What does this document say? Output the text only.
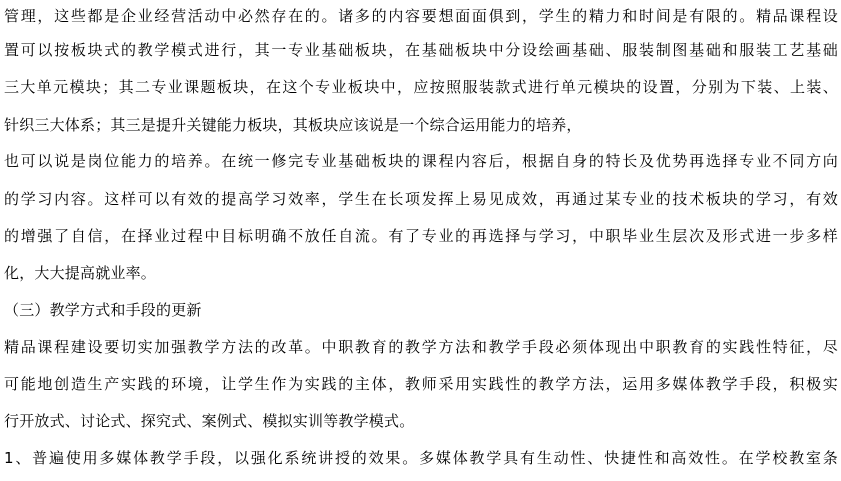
管理，这些都是企业经营活动中必然存在的。诸多的内容要想面面俱到，学生的精力和时间是有限的。精品课程设
置可以按板块式的教学模式进行，其一专业基础板块，在基础板块中分设绘画基础、服装制图基础和服装工艺基础
三大单元模块；其二专业课题板块，在这个专业板块中，应按照服装款式进行单元模块的设置，分别为下装、上装、
针织三大体系；其三是提升关键能力板块，其板块应该说是一个综合运用能力的培养，
也可以说是岗位能力的培养。在统一修完专业基础板块的课程内容后，根据自身的特长及优势再选择专业不同方向
的学习内容。这样可以有效的提高学习效率，学生在长项发挥上易见成效，再通过某专业的技术板块的学习，有效
的增强了自信，在择业过程中目标明确不放任自流。有了专业的再选择与学习，中职毕业生层次及形式进一步多样
化，大大提高就业率。
（三）教学方式和手段的更新
精品课程建设要切实加强教学方法的改革。中职教育的教学方法和教学手段必须体现出中职教育的实践性特征，尽
可能地创造生产实践的环境，让学生作为实践的主体，教师采用实践性的教学方法，运用多媒体教学手段，积极实
行开放式、讨论式、探究式、案例式、模拟实训等教学模式。
1、普遍使用多媒体教学手段，以强化系统讲授的效果。多媒体教学具有生动性、快捷性和高效性。在学校教室条
